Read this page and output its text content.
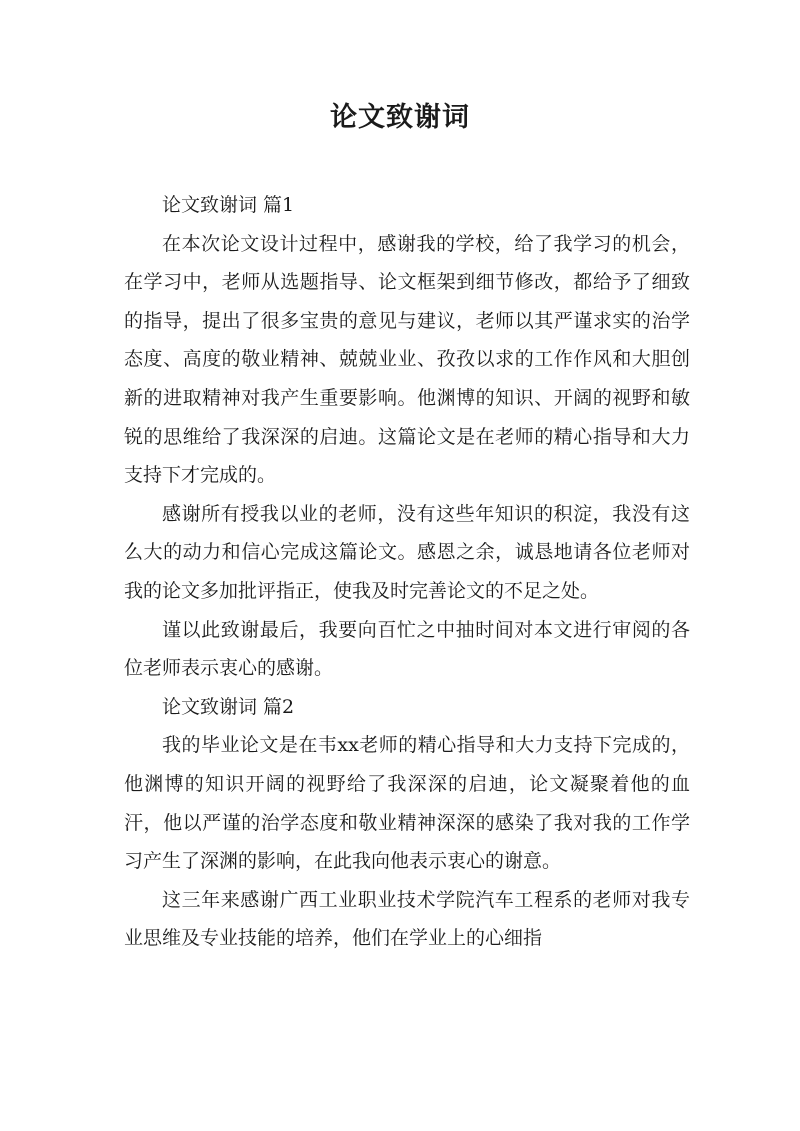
论文致谢词

论文致谢词 篇1

在本次论文设计过程中，感谢我的学校，给了我学习的机会，在学习中，老师从选题指导、论文框架到细节修改，都给予了细致的指导，提出了很多宝贵的意见与建议，老师以其严谨求实的治学态度、高度的敬业精神、兢兢业业、孜孜以求的工作作风和大胆创新的进取精神对我产生重要影响。他渊博的知识、开阔的视野和敏锐的思维给了我深深的启迪。这篇论文是在老师的精心指导和大力支持下才完成的。

感谢所有授我以业的老师，没有这些年知识的积淀，我没有这么大的动力和信心完成这篇论文。感恩之余，诚恳地请各位老师对我的论文多加批评指正，使我及时完善论文的不足之处。

谨以此致谢最后，我要向百忙之中抽时间对本文进行审阅的各位老师表示衷心的感谢。

论文致谢词 篇2

我的毕业论文是在韦xx老师的精心指导和大力支持下完成的，他渊博的知识开阔的视野给了我深深的启迪，论文凝聚着他的血汗，他以严谨的治学态度和敬业精神深深的感染了我对我的工作学习产生了深渊的影响，在此我向他表示衷心的谢意。

这三年来感谢广西工业职业技术学院汽车工程系的老师对我专业思维及专业技能的培养，他们在学业上的心细指
